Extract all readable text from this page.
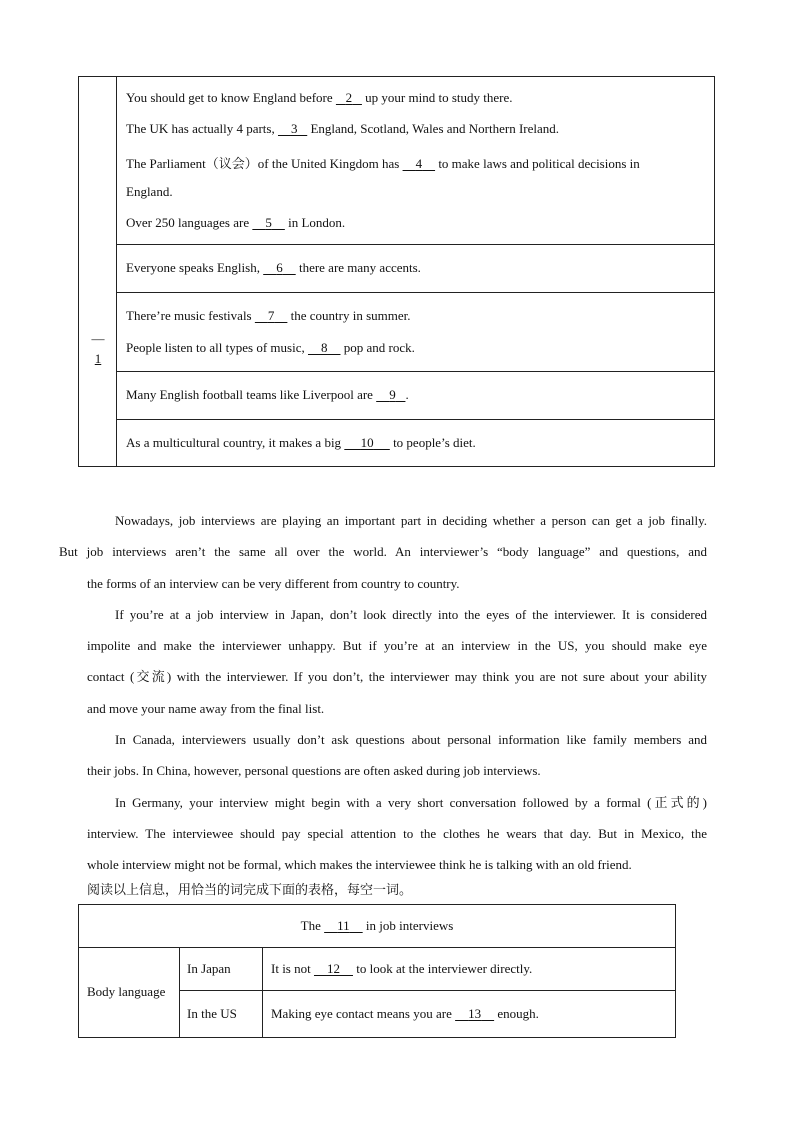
—
1
You should get to know England before    2    up your mind to study there.
The UK has actually 4 parts,     3    England, Scotland, Wales and Northern Ireland.
The Parliament（议会）of the United Kingdom has     4     to make laws and political decisions in
England.
Over 250 languages are     5     in London.
Everyone speaks English,     6     there are many accents.
There’re music festivals     7     the country in summer.
People listen to all types of music,     8     pop and rock.
Many English football teams like Liverpool are     9 .
As a multicultural country, it makes a big      10      to people’s diet.

Nowadays, job interviews are playing an important part in deciding whether a person can get a job finally.
But job interviews aren’t the same all over the world. An interviewer’s “body language” and questions, and
the forms of an interview can be very different from country to country.

If you’re at a job interview in Japan, don’t look directly into the eyes of the interviewer. It is considered
impolite and make the interviewer unhappy. But if you’re at an interview in the US, you should make eye
contact (交流) with the interviewer. If you don’t, the interviewer may think you are not sure about your ability
and move your name away from the final list.

In Canada, interviewers usually don’t ask questions about personal information like family members and
their jobs. In China, however, personal questions are often asked during job interviews.

In Germany, your interview might begin with a very short conversation followed by a formal (正式的)
interview. The interviewee should pay special attention to the clothes he wears that day. But in Mexico, the
whole interview might not be formal, which makes the interviewee think he is talking with an old friend.

阅读以上信息，用恰当的词完成下面的表格，每空一词。
The     11     in job interviews
Body language
In Japan	It is not     12     to look at the interviewer directly.
In the US	Making eye contact means you are     13     enough.
